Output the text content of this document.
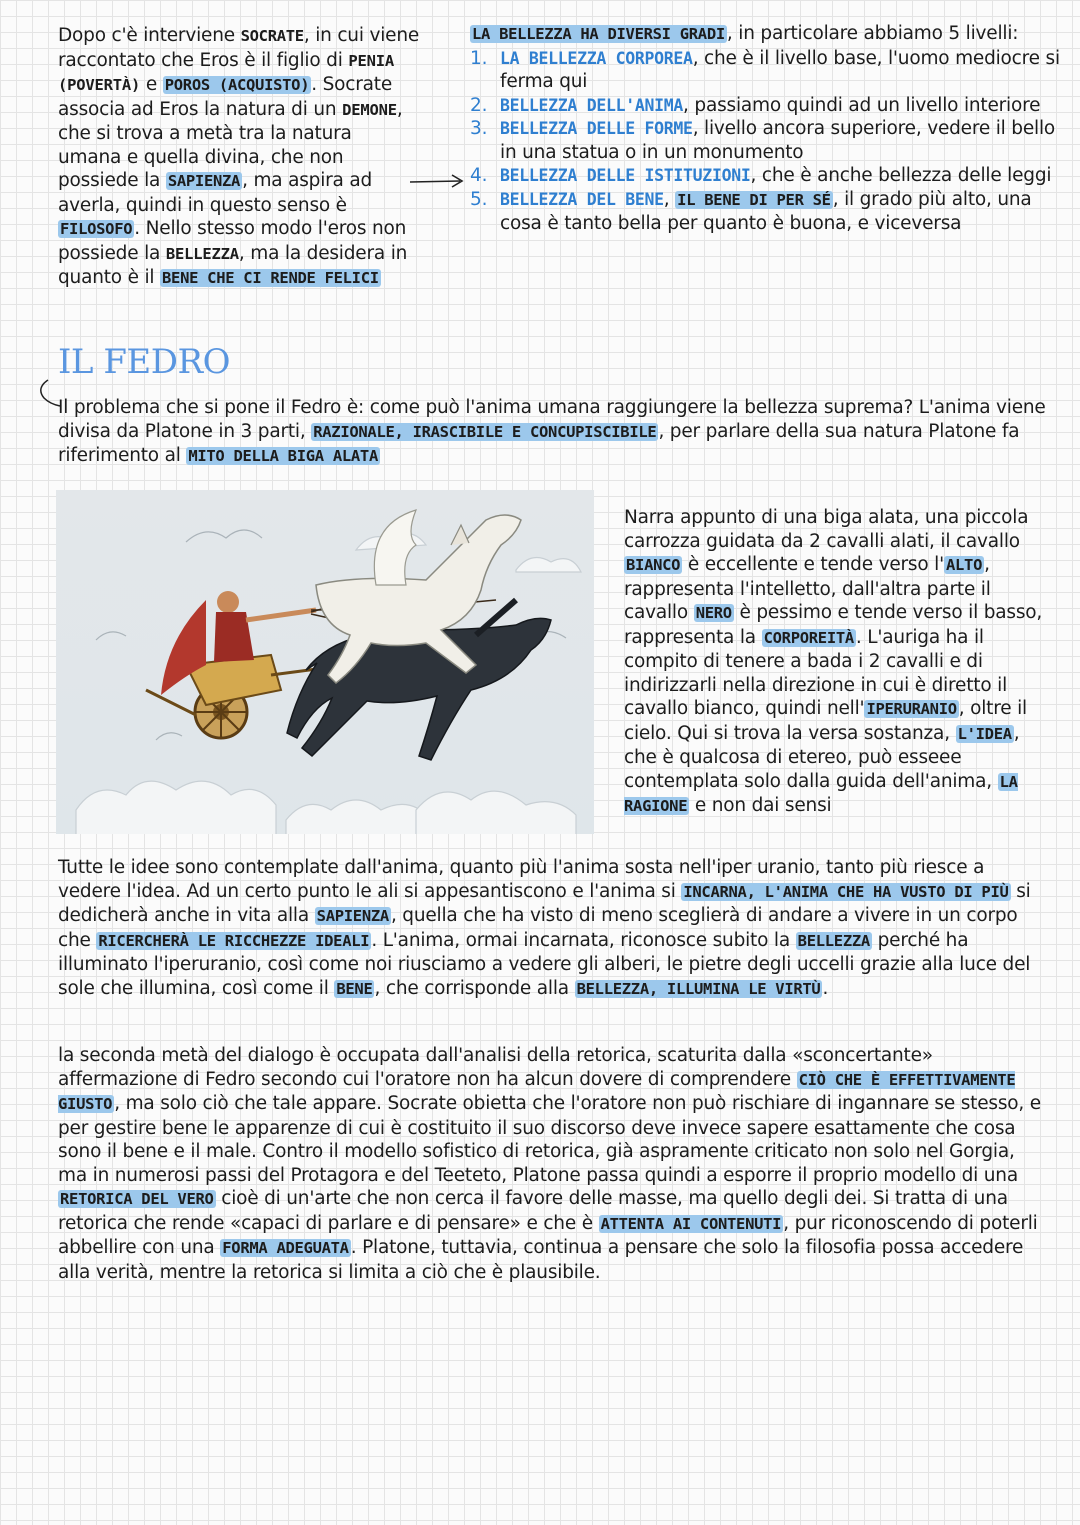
Dopo c'è interviene SOCRATE, in cui viene raccontato che Eros è il figlio di PENIA (POVERTÀ) e POROS (ACQUISTO) . Socrate associa ad Eros la natura di un DEMONE, che si trova a metà tra la natura umana e quella divina, che non possiede la SAPIENZA , ma aspira ad averla, quindi in questo senso è FILOSOFO . Nello stesso modo l'eros non possiede la BELLEZZA, ma la desidera in quanto è il BENE CHE CI RENDE FELICI
LA BELLEZZA HA DIVERSI GRADI , in particolare abbiamo 5 livelli:
1. LA BELLEZZA CORPOREA, che è il livello base, l'uomo mediocre si ferma qui
2. BELLEZZA DELL'ANIMA, passiamo quindi ad un livello interiore
3. BELLEZZA DELLE FORME, livello ancora superiore, vedere il bello in una statua o in un monumento
4. BELLEZZA DELLE ISTITUZIONI, che è anche bellezza delle leggi
5. BELLEZZA DEL BENE, IL BENE DI PER SÉ , il grado più alto, una cosa è tanto bella per quanto è buona, e viceversa
IL FEDRO
Il problema che si pone il Fedro è: come può l'anima umana raggiungere la bellezza suprema? L'anima viene divisa da Platone in 3 parti, RAZIONALE, IRASCIBILE E CONCUPISCIBILE , per parlare della sua natura Platone fa riferimento al MITO DELLA BIGA ALATA
Narra appunto di una biga alata, una piccola carrozza guidata da 2 cavalli alati, il cavallo BIANCO è eccellente e tende verso l' ALTO , rappresenta l'intelletto, dall'altra parte il cavallo NERO è pessimo e tende verso il basso, rappresenta la CORPOREITÀ . L'auriga ha il compito di tenere a bada i 2 cavalli e di indirizzarli nella direzione in cui è diretto il cavallo bianco, quindi nell' IPERURANIO , oltre il cielo. Qui si trova la versa sostanza, L'IDEA , che è qualcosa di etereo, può esseee contemplata solo dalla guida dell'anima, LA RAGIONE e non dai sensi
Tutte le idee sono contemplate dall'anima, quanto più l'anima sosta nell'iper uranio, tanto più riesce a vedere l'idea. Ad un certo punto le ali si appesantiscono e l'anima si INCARNA, L'ANIMA CHE HA VUSTO DI PIÙ si dedicherà anche in vita alla SAPIENZA , quella che ha visto di meno sceglierà di andare a vivere in un corpo che RICERCHERÀ LE RICCHEZZE IDEALI . L'anima, ormai incarnata, riconosce subito la BELLEZZA perché ha illuminato l'iperuranio, così come noi riusciamo a vedere gli alberi, le pietre degli uccelli grazie alla luce del sole che illumina, così come il BENE , che corrisponde alla BELLEZZA, ILLUMINA LE VIRTÙ .
la seconda metà del dialogo è occupata dall'analisi della retorica, scaturita dalla «sconcertante» affermazione di Fedro secondo cui l'oratore non ha alcun dovere di comprendere CIÒ CHE È EFFETTIVAMENTE GIUSTO , ma solo ciò che tale appare. Socrate obietta che l'oratore non può rischiare di ingannare se stesso, e per gestire bene le apparenze di cui è costituito il suo discorso deve invece sapere esattamente che cosa sono il bene e il male. Contro il modello sofistico di retorica, già aspramente criticato non solo nel Gorgia, ma in numerosi passi del Protagora e del Teeteto, Platone passa quindi a esporre il proprio modello di una RETORICA DEL VERO cioè di un'arte che non cerca il favore delle masse, ma quello degli dei. Si tratta di una retorica che rende «capaci di parlare e di pensare» e che è ATTENTA AI CONTENUTI , pur riconoscendo di poterli abbellire con una FORMA ADEGUATA . Platone, tuttavia, continua a pensare che solo la filosofia possa accedere alla verità, mentre la retorica si limita a ciò che è plausibile.
